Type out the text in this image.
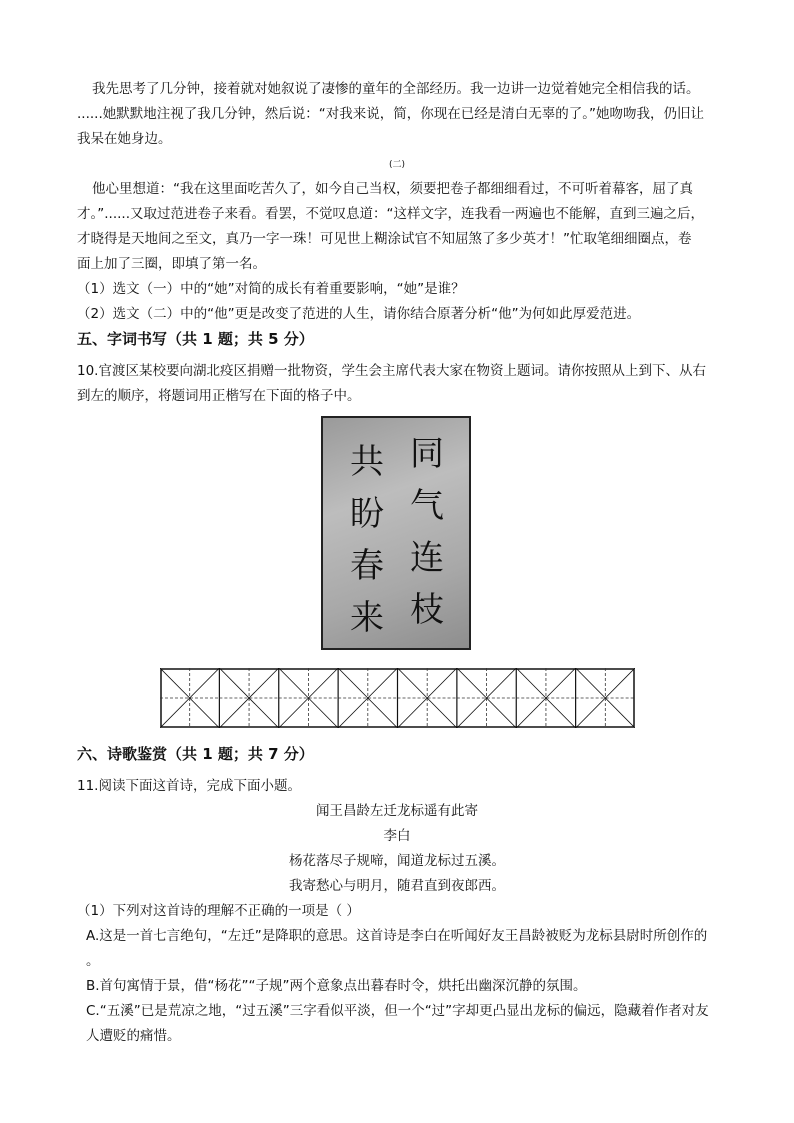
我先思考了几分钟，接着就对她叙说了凄惨的童年的全部经历。我一边讲一边觉着她完全相信我的话。
......她默默地注视了我几分钟，然后说：“对我来说，简，你现在已经是清白无辜的了。”她吻吻我，仍旧让
我呆在她身边。
(二)
他心里想道：“我在这里面吃苦久了，如今自己当权，须要把卷子都细细看过，不可听着幕客，屈了真
才。”......又取过范进卷子来看。看罢，不觉叹息道：“这样文字，连我看一两遍也不能解，直到三遍之后，
才晓得是天地间之至文，真乃一字一珠！可见世上糊涂试官不知屈煞了多少英才！”忙取笔细细圈点，卷
面上加了三圈，即填了第一名。
（1）选文（一）中的“她”对简的成长有着重要影响，“她”是谁？
（2）选文（二）中的“他”更是改变了范进的人生，请你结合原著分析“他”为何如此厚爱范进。
五、字词书写（共 1 题；共 5 分）
10.官渡区某校要向湖北疫区捐赠一批物资，学生会主席代表大家在物资上题词。请你按照从上到下、从右
到左的顺序，将题词用正楷写在下面的格子中。
同
气
连
枝
共
盼
春
来
六、诗歌鉴赏（共 1 题；共 7 分）
11.阅读下面这首诗，完成下面小题。
闻王昌龄左迁龙标遥有此寄
李白
杨花落尽子规啼，闻道龙标过五溪。
我寄愁心与明月，随君直到夜郎西。
（1）下列对这首诗的理解不正确的一项是（ ）
A.这是一首七言绝句，“左迁”是降职的意思。这首诗是李白在听闻好友王昌龄被贬为龙标县尉时所创作的
。
B.首句寓情于景，借“杨花”“子规”两个意象点出暮春时令，烘托出幽深沉静的氛围。
C.“五溪”已是荒凉之地，“过五溪”三字看似平淡，但一个“过”字却更凸显出龙标的偏远，隐藏着作者对友
人遭贬的痛惜。
